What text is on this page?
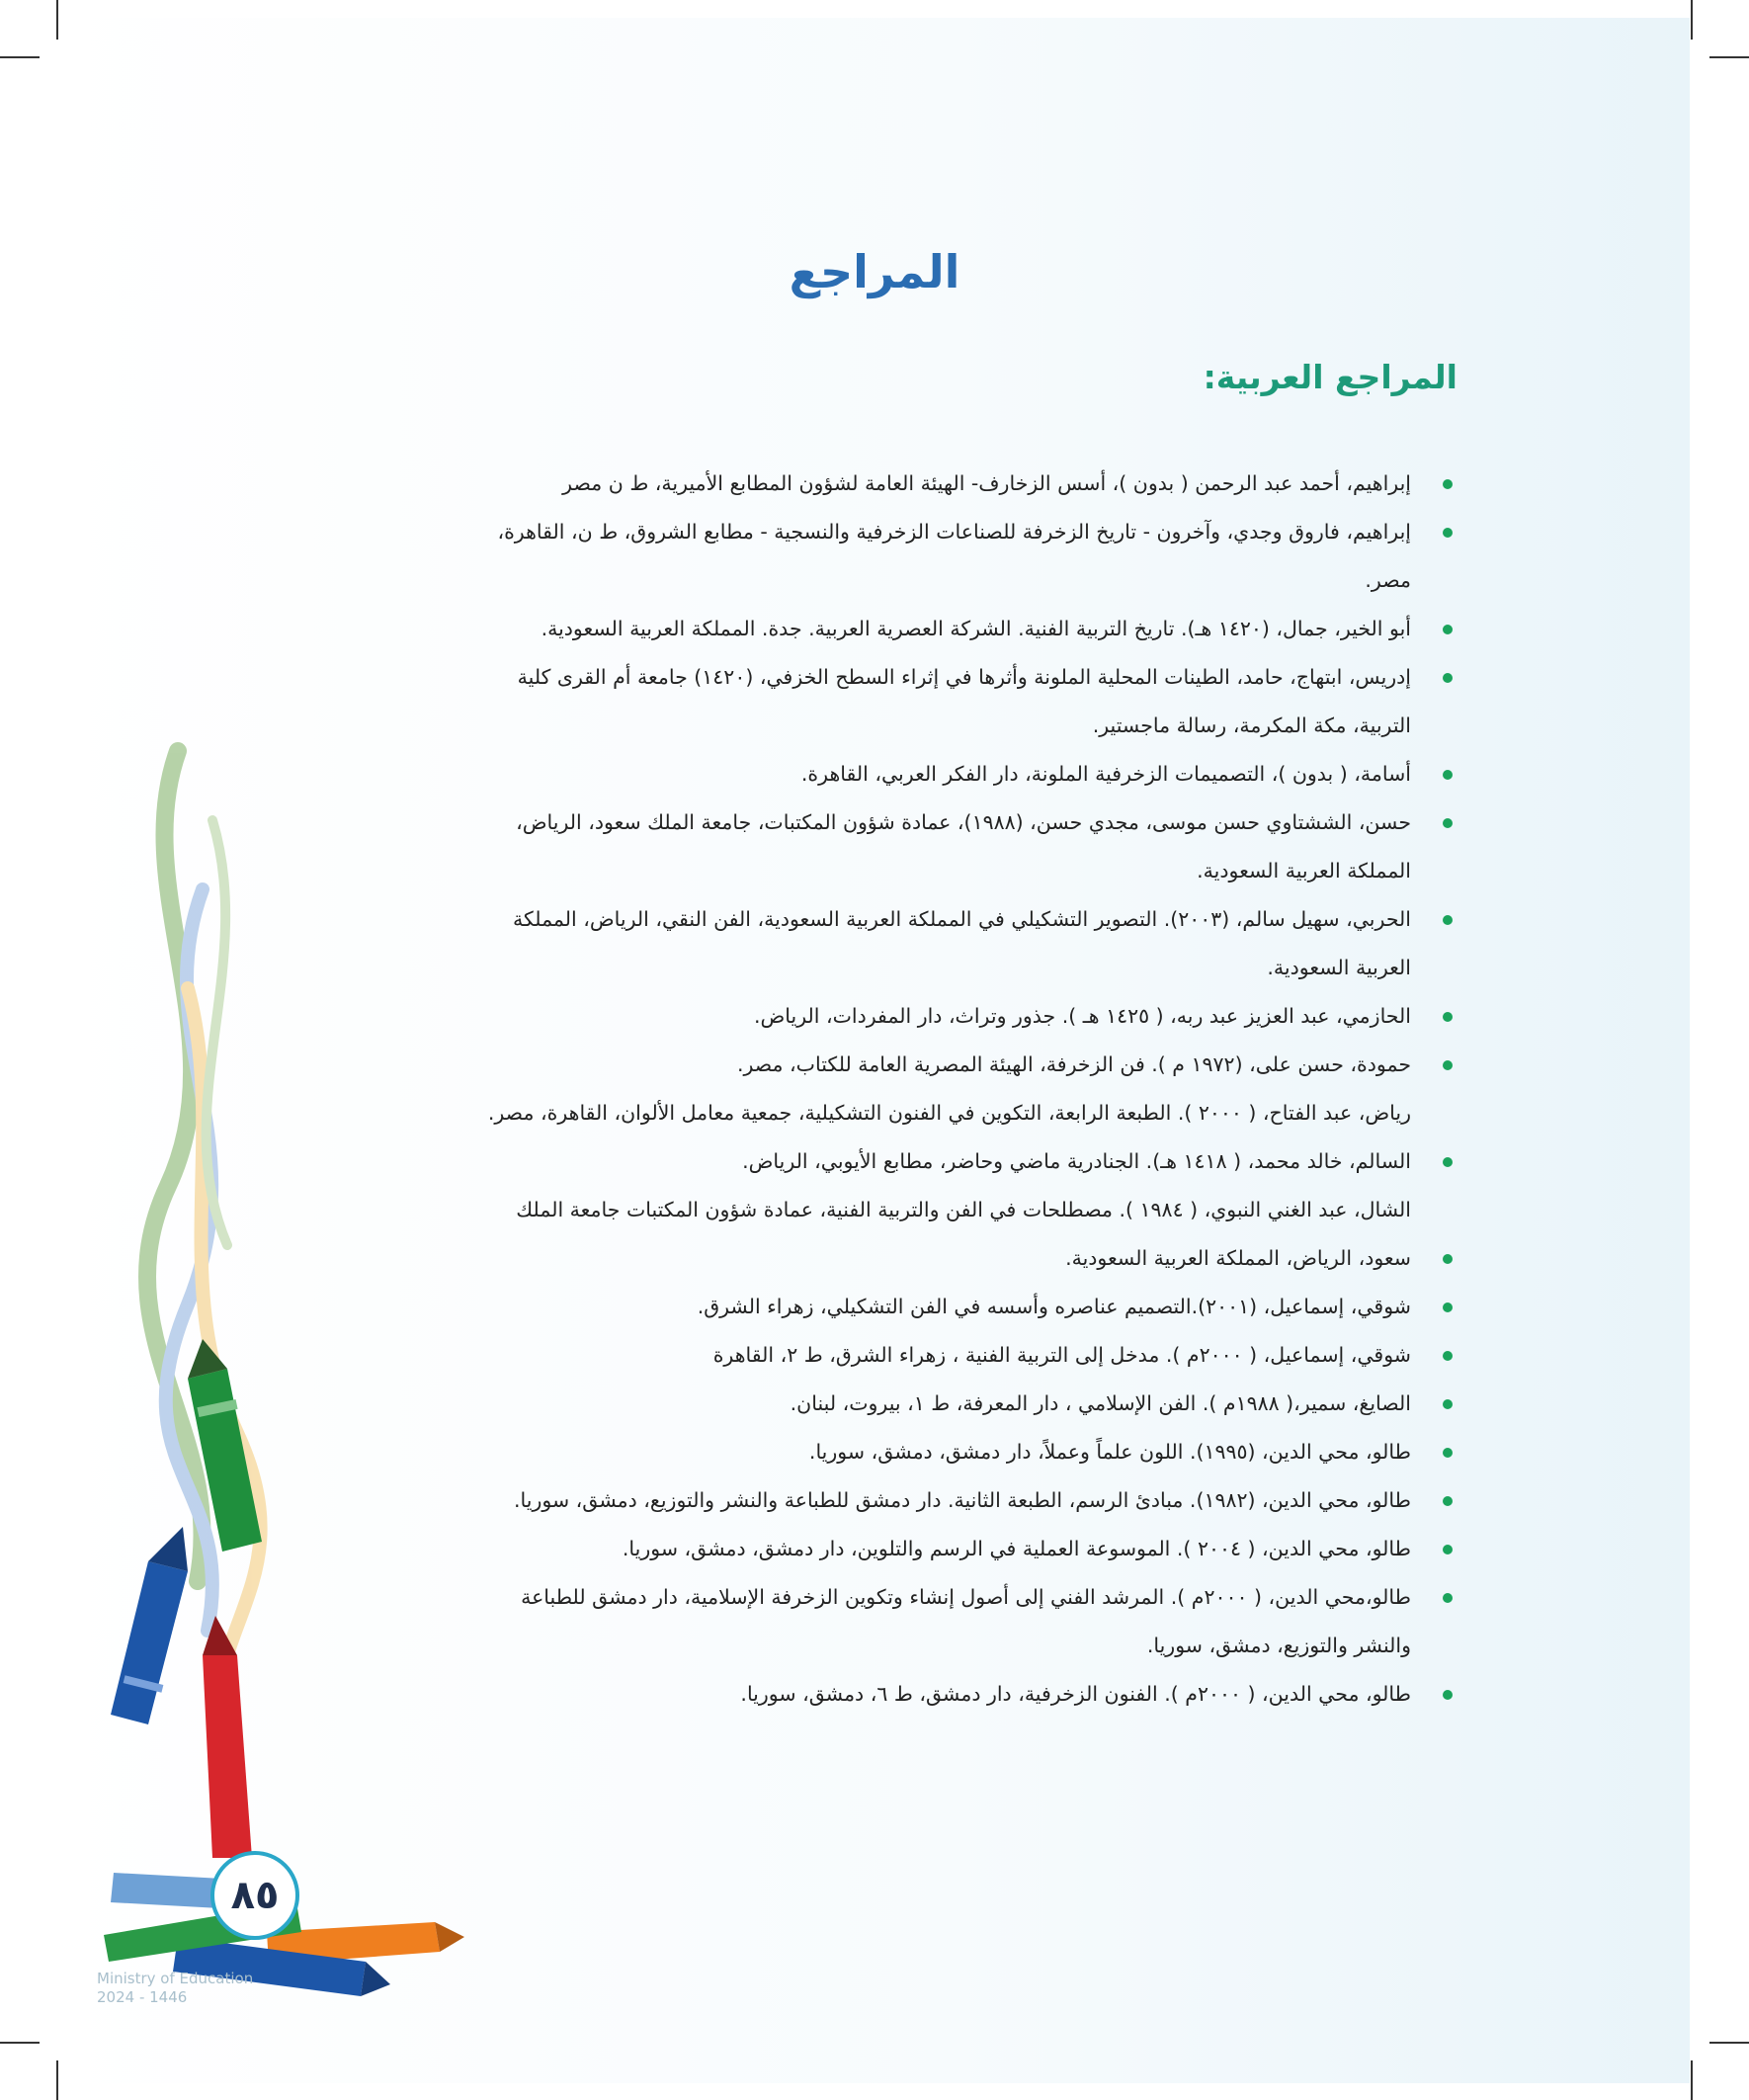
المراجع
المراجع العربية:
إبراهيم، أحمد عبد الرحمن ( بدون )، أسس الزخارف- الهيئة العامة لشؤون المطابع الأميرية، ط ن مصر
إبراهيم، فاروق وجدي، وآخرون - تاريخ الزخرفة للصناعات الزخرفية والنسجية - مطابع الشروق، ط ن، القاهرة، مصر.
أبو الخير، جمال، (١٤٢٠ هـ). تاريخ التربية الفنية. الشركة العصرية العربية. جدة. المملكة العربية السعودية.
إدريس، ابتهاج، حامد، الطينات المحلية الملونة وأثرها في إثراء السطح الخزفي، (١٤٢٠) جامعة أم القرى كلية التربية، مكة المكرمة، رسالة ماجستير.
أسامة، ( بدون )، التصميمات الزخرفية الملونة، دار الفكر العربي، القاهرة.
حسن، الششتاوي حسن موسى، مجدي حسن، (١٩٨٨)، عمادة شؤون المكتبات، جامعة الملك سعود، الرياض، المملكة العربية السعودية.
الحربي، سهيل سالم، (٢٠٠٣). التصوير التشكيلي في المملكة العربية السعودية، الفن النقي، الرياض، المملكة العربية السعودية.
الحازمي، عبد العزيز عبد ربه، ( ١٤٢٥ هـ ). جذور وتراث، دار المفردات، الرياض.
حمودة، حسن على، (١٩٧٢ م ). فن الزخرفة، الهيئة المصرية العامة للكتاب، مصر.
رياض، عبد الفتاح، ( ٢٠٠٠ ). الطبعة الرابعة، التكوين في الفنون التشكيلية، جمعية معامل الألوان، القاهرة، مصر.
السالم، خالد محمد، ( ١٤١٨ هـ). الجنادرية ماضي وحاضر، مطابع الأيوبي، الرياض.
الشال، عبد الغني النبوي، ( ١٩٨٤ ). مصطلحات في الفن والتربية الفنية، عمادة شؤون المكتبات جامعة الملك
سعود، الرياض، المملكة العربية السعودية.
شوقي، إسماعيل، (٢٠٠١).التصميم عناصره وأسسه في الفن التشكيلي، زهراء الشرق.
شوقي، إسماعيل، ( ٢٠٠٠م ). مدخل إلى التربية الفنية ، زهراء الشرق، ط ٢، القاهرة
الصايغ، سمير،( ١٩٨٨م ). الفن الإسلامي ، دار المعرفة، ط ١، بيروت، لبنان.
طالو، محي الدين، (١٩٩٥). اللون علماً وعملاً، دار دمشق، دمشق، سوريا.
طالو، محي الدين، (١٩٨٢). مبادئ الرسم، الطبعة الثانية. دار دمشق للطباعة والنشر والتوزيع، دمشق، سوريا.
طالو، محي الدين، ( ٢٠٠٤ ). الموسوعة العملية في الرسم والتلوين، دار دمشق، دمشق، سوريا.
طالو،محي الدين، ( ٢٠٠٠م ). المرشد الفني إلى أصول إنشاء وتكوين الزخرفة الإسلامية، دار دمشق للطباعة والنشر والتوزيع، دمشق، سوريا.
طالو، محي الدين، ( ٢٠٠٠م ). الفنون الزخرفية، دار دمشق، ط ٦، دمشق، سوريا.
٨٥
Ministry of Education
2024 - 1446
